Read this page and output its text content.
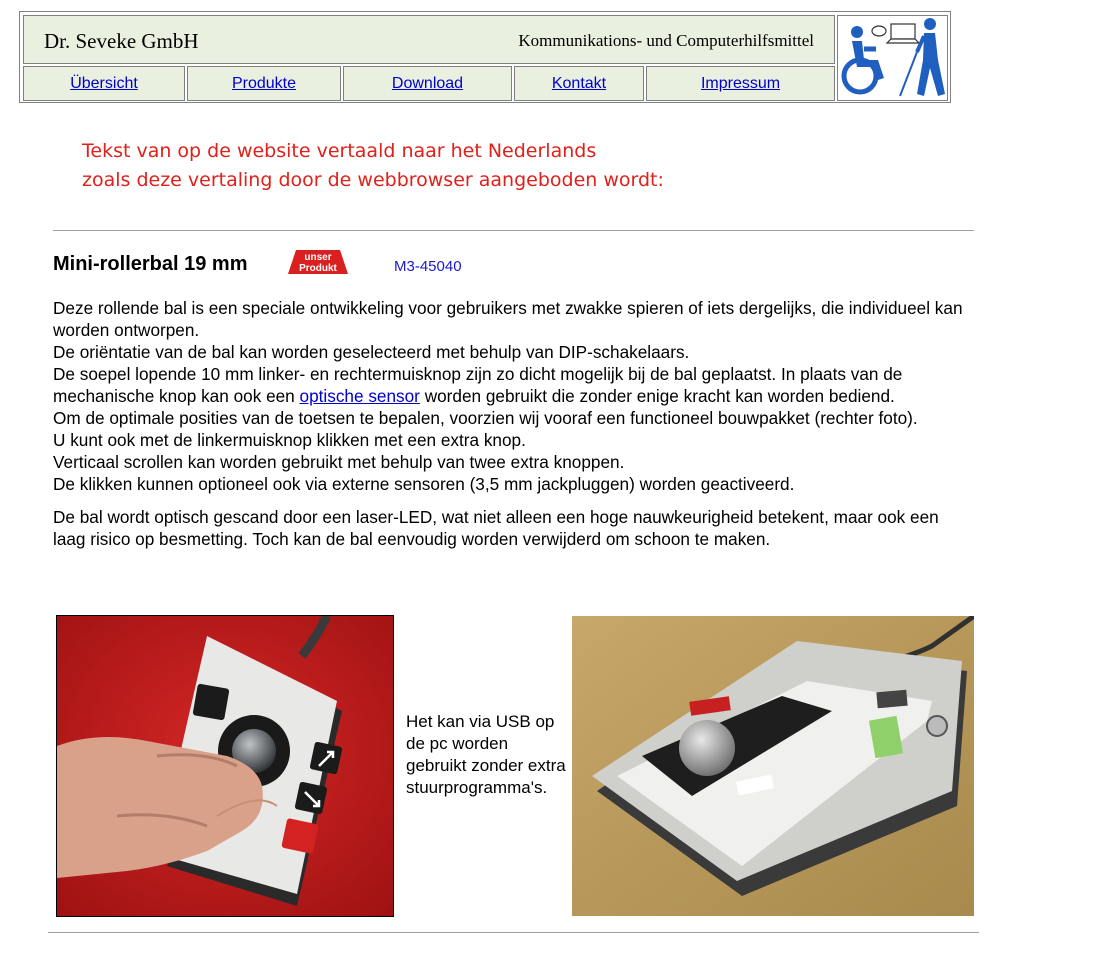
Dr. Seveke GmbH	Kommunikations- und Computerhilfsmittel
Übersicht	Produkte	Download	Kontakt	Impressum
Tekst van op de website vertaald naar het Nederlands
zoals deze vertaling door de webbrowser aangeboden wordt:
Mini-rollerbal 19 mm	unser
Produkt	M3-45040

Deze rollende bal is een speciale ontwikkeling voor gebruikers met zwakke spieren of iets dergelijks, die individueel kan worden ontworpen.

De oriëntatie van de bal kan worden geselecteerd met behulp van DIP-schakelaars.

De soepel lopende 10 mm linker- en rechtermuisknop zijn zo dicht mogelijk bij de bal geplaatst. In plaats van de mechanische knop kan ook een optische sensor worden gebruikt die zonder enige kracht kan worden bediend.

Om de optimale posities van de toetsen te bepalen, voorzien wij vooraf een functioneel bouwpakket (rechter foto).

U kunt ook met de linkermuisknop klikken met een extra knop.

Verticaal scrollen kan worden gebruikt met behulp van twee extra knoppen.

De klikken kunnen optioneel ook via externe sensoren (3,5 mm jackpluggen) worden geactiveerd.

De bal wordt optisch gescand door een laser-LED, wat niet alleen een hoge nauwkeurigheid betekent, maar ook een laag risico op besmetting. Toch kan de bal eenvoudig worden verwijderd om schoon te maken.

Het kan via USB op de pc worden gebruikt zonder extra stuurprogramma's.
